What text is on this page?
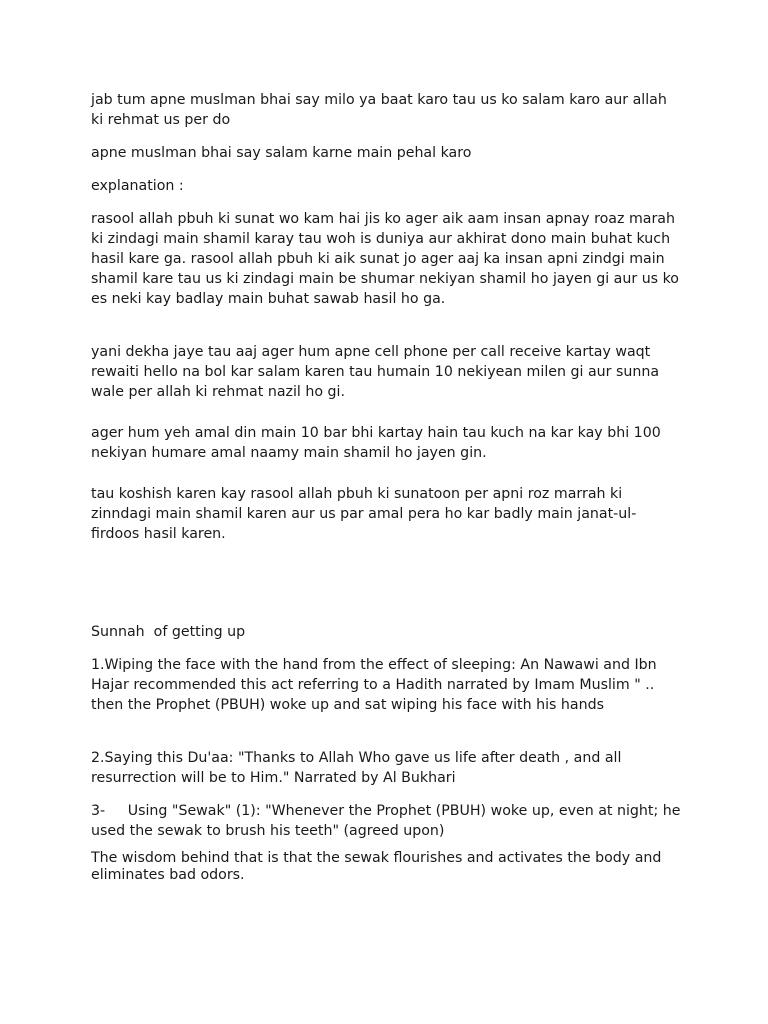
jab tum apne muslman bhai say milo ya baat karo tau us ko salam karo aur allah ki rehmat us per do

apne muslman bhai say salam karne main pehal karo

explanation :

rasool allah pbuh ki sunat wo kam hai jis ko ager aik aam insan apnay roaz marah ki zindagi main shamil karay tau woh is duniya aur akhirat dono main buhat kuch hasil kare ga. rasool allah pbuh ki aik sunat jo ager aaj ka insan apni zindgi main shamil kare tau us ki zindagi main be shumar nekiyan shamil ho jayen gi aur us ko es neki kay badlay main buhat sawab hasil ho ga.

yani dekha jaye tau aaj ager hum apne cell phone per call receive kartay waqt rewaiti hello na bol kar salam karen tau humain 10 nekiyean milen gi aur sunna wale per allah ki rehmat nazil ho gi.

ager hum yeh amal din main 10 bar bhi kartay hain tau kuch na kar kay bhi 100 nekiyan humare amal naamy main shamil ho jayen gin.

tau koshish karen kay rasool allah pbuh ki sunatoon per apni roz marrah ki zinndagi main shamil karen aur us par amal pera ho kar badly main janat-ul-firdoos hasil karen.

Sunnah  of getting up

1.Wiping the face with the hand from the effect of sleeping: An Nawawi and Ibn Hajar recommended this act referring to a Hadith narrated by Imam Muslim " .. then the Prophet (PBUH) woke up and sat wiping his face with his hands

2.Saying this Du'aa: "Thanks to Allah Who gave us life after death , and all resurrection will be to Him." Narrated by Al Bukhari

3-     Using "Sewak" (1): "Whenever the Prophet (PBUH) woke up, even at night; he used the sewak to brush his teeth" (agreed upon)

The wisdom behind that is that the sewak flourishes and activates the body and eliminates bad odors.
